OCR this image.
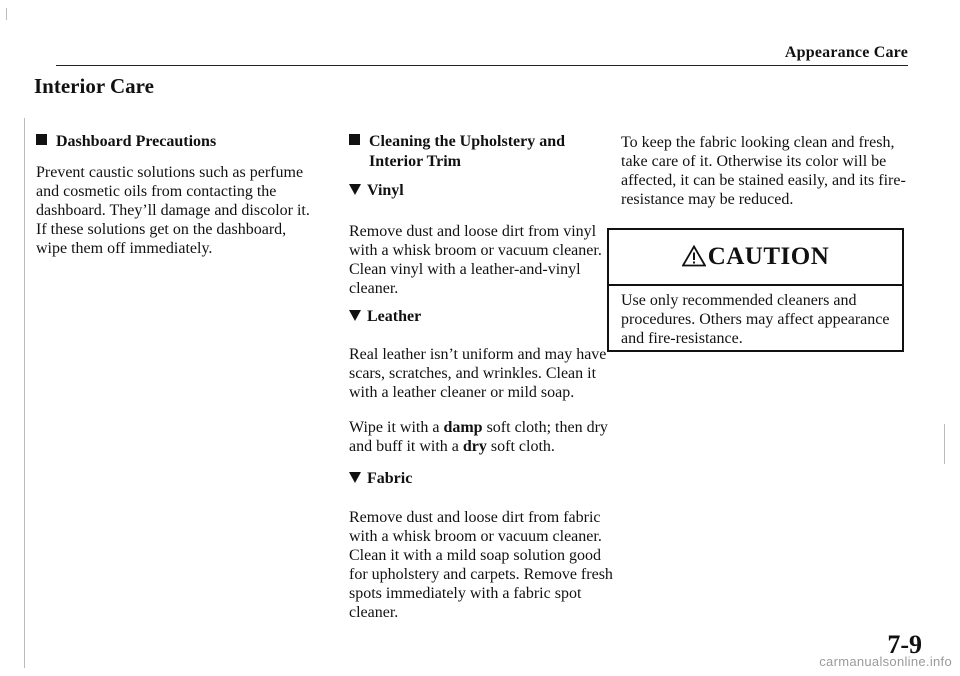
Appearance Care
Interior Care
Dashboard Precautions
Prevent caustic solutions such as perfume and cosmetic oils from contacting the dashboard. They’ll damage and discolor it. If these solutions get on the dashboard, wipe them off immediately.
Cleaning the Upholstery and
Interior Trim
Vinyl
Remove dust and loose dirt from vinyl with a whisk broom or vacuum cleaner. Clean vinyl with a leather-and-vinyl cleaner.
Leather
Real leather isn’t uniform and may have scars, scratches, and wrinkles. Clean it with a leather cleaner or mild soap.
Wipe it with a damp soft cloth; then dry and buff it with a dry soft cloth.
Fabric
Remove dust and loose dirt from fabric with a whisk broom or vacuum cleaner. Clean it with a mild soap solution good for upholstery and carpets. Remove fresh spots immediately with a fabric spot cleaner.
To keep the fabric looking clean and fresh, take care of it. Otherwise its color will be affected, it can be stained easily, and its fire-resistance may be reduced.
CAUTION
Use only recommended cleaners and procedures. Others may affect appearance and fire-resistance.
7-9
carmanualsonline.info
